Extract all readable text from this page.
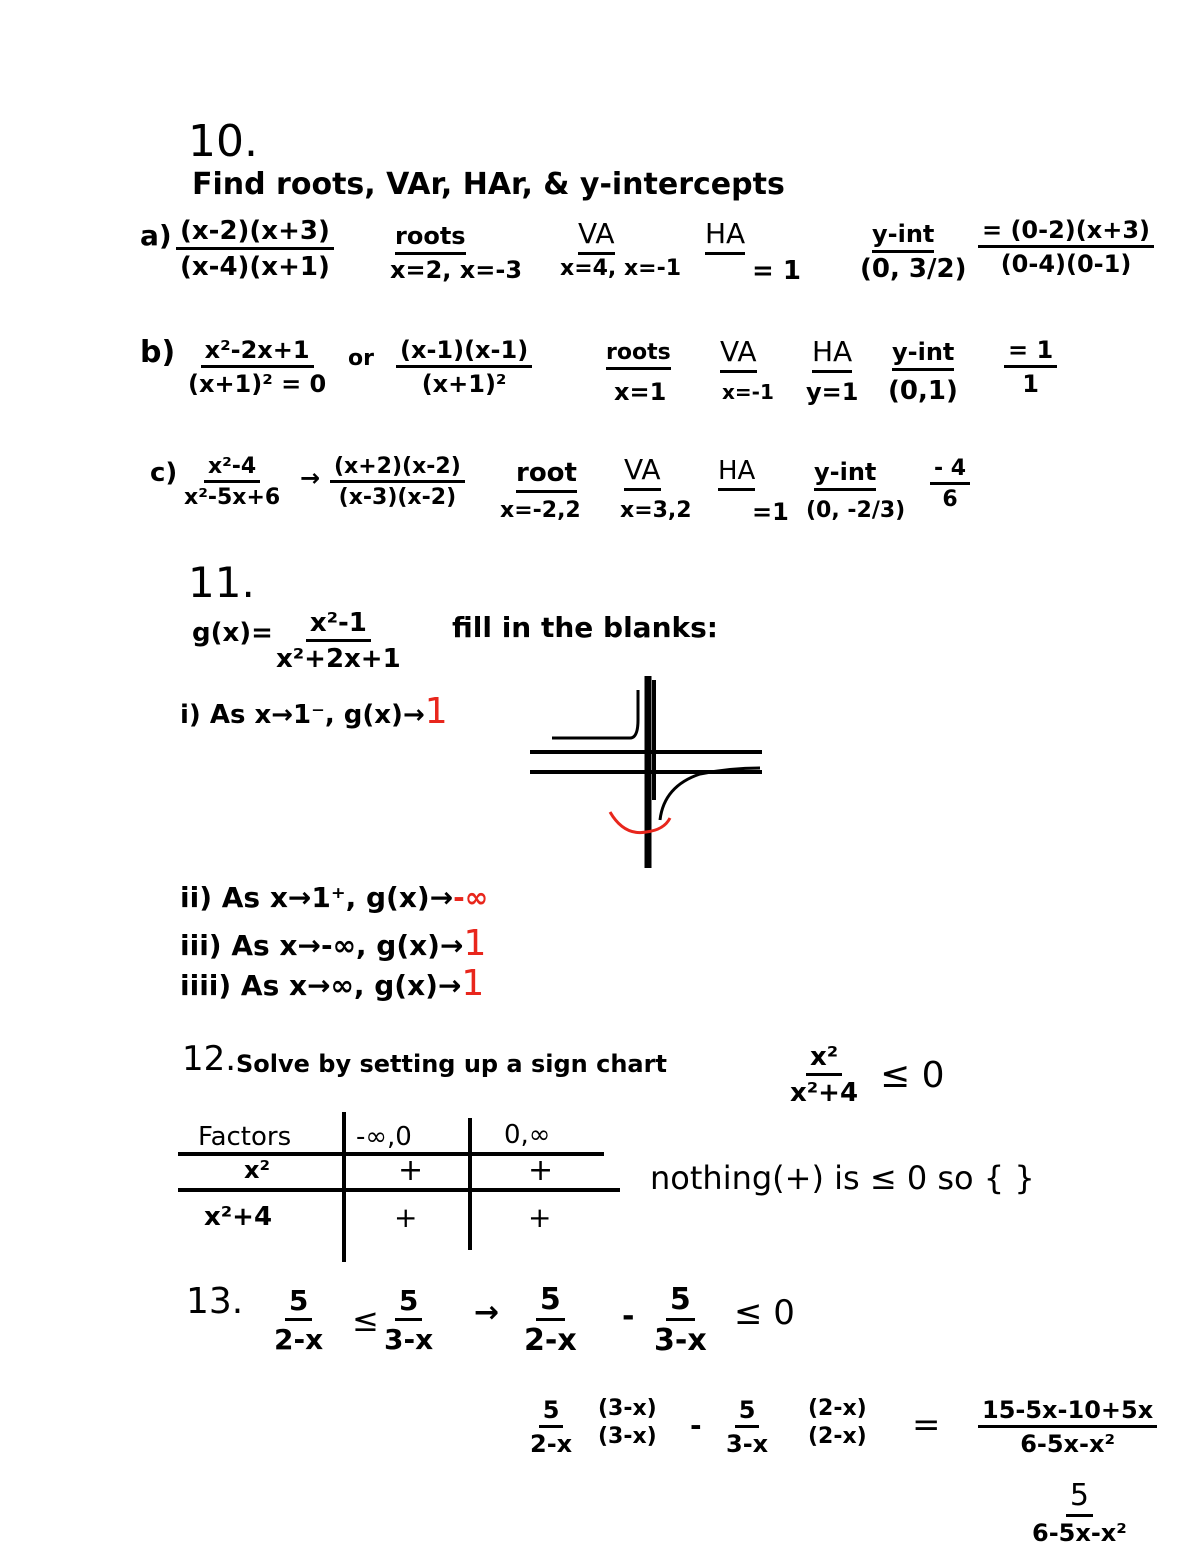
10.
Find roots, VAr, HAr, & y-intercepts
$a) \frac{(x-2)(x+3)}{(x-4)(x+1)}$	roots
x=2, x=-3
VA
x=4, x=-1
HA
= 1
y-int
(0, $3/2) \frac{= (0-2)(x+3)}{(0-4)(0-1)}$
$b) \frac{\text{x²-2x+1}}{\text{(x+1)² = 0}}$ or $\frac{(x-1)(x-1)}{\text{(x+1)²}}$	roots
x=1
VA
x=-1
HA
y=1
y-int
$(0,1) \frac{= 1}{1}$
$c) \frac{\text{x²-4}}{\text{x²-5x+6}} \to \frac{(x+2)(x-2)}{(x-3)(x-2)}$ root
x=-2,2
VA
x=3,2
HA
=1
y-int
(0, $-2/3) \frac{- 4}{6}$
11.
$g(x)= \frac{\text{x²-1}}{\text{x²+2x+1}}$ fill in the blanks:
i) As x→1⁻, g(x)→1
ii) As x→1⁺, g(x)→-∞
iii) As x→-∞, g(x)→1
iiii) As x→∞, g(x)→1
12. Solve by setting up a sign chart	$\frac{\text{x²}}{\text{x²+4}} \le 0$
Factors -∞,0	0,∞
x²	+	+
x²+4	+	+
nothing(+) is ≤ 0 so { }
13. $\frac{5}{2-x} \le \frac{5}{3-x} \to \frac{5}{2-x} - \frac{5}{3-x} \le 0$
$\frac{5}{2-x} (3-x)$
$(3-x) - \frac{5}{3-x} (2-x)$
$(2-x) = \frac{15-5x-10+5x}{\text{6-5x-x²}}$
5
6-5x-x²
